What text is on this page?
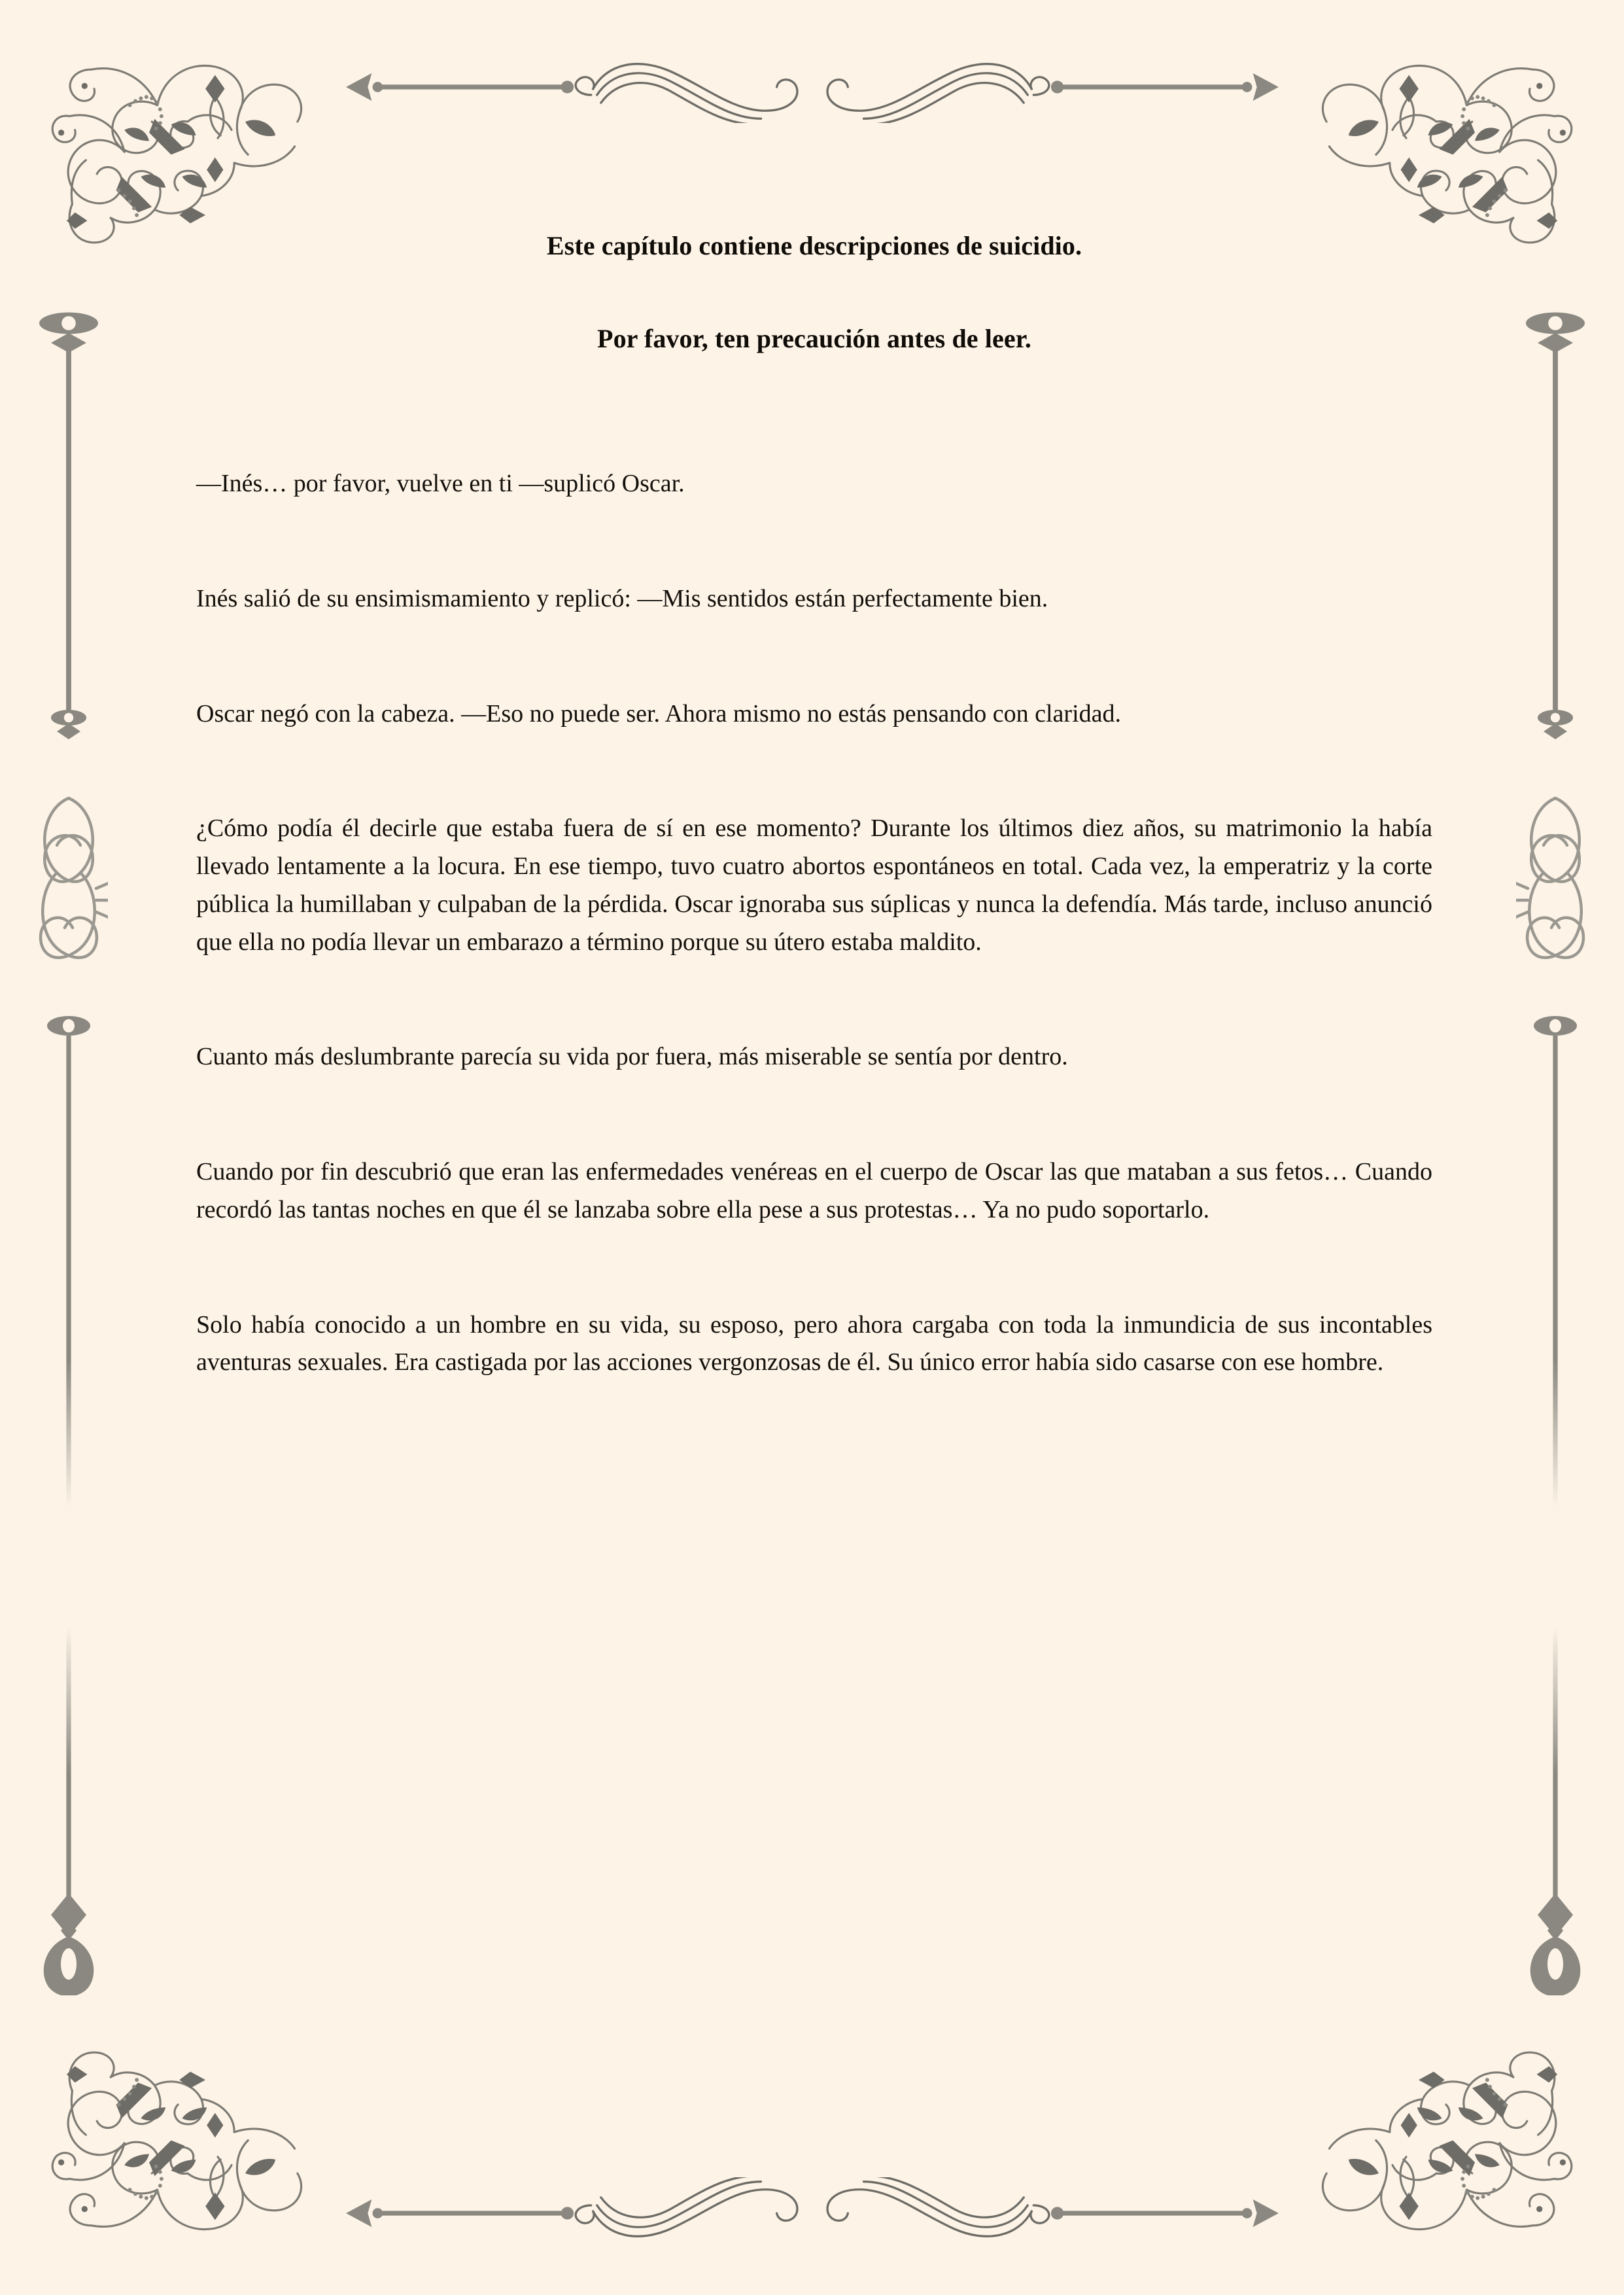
Este capítulo contiene descripciones de suicidio.
Por favor, ten precaución antes de leer.

—Inés… por favor, vuelve en ti —suplicó Oscar.

Inés salió de su ensimismamiento y replicó: —Mis sentidos están perfectamente bien.

Oscar negó con la cabeza. —Eso no puede ser. Ahora mismo no estás pensando con claridad.

¿Cómo podía él decirle que estaba fuera de sí en ese momento? Durante los últimos diez años, su matrimonio la había llevado lentamente a la locura. En ese tiempo, tuvo cuatro abortos espontáneos en total. Cada vez, la emperatriz y la corte pública la humillaban y culpaban de la pérdida. Oscar ignoraba sus súplicas y nunca la defendía. Más tarde, incluso anunció que ella no podía llevar un embarazo a término porque su útero estaba maldito.

Cuanto más deslumbrante parecía su vida por fuera, más miserable se sentía por dentro.

Cuando por fin descubrió que eran las enfermedades venéreas en el cuerpo de Oscar las que mataban a sus fetos… Cuando recordó las tantas noches en que él se lanzaba sobre ella pese a sus protestas… Ya no pudo soportarlo.

Solo había conocido a un hombre en su vida, su esposo, pero ahora cargaba con toda la inmundicia de sus incontables aventuras sexuales. Era castigada por las acciones vergonzosas de él. Su único error había sido casarse con ese hombre.
